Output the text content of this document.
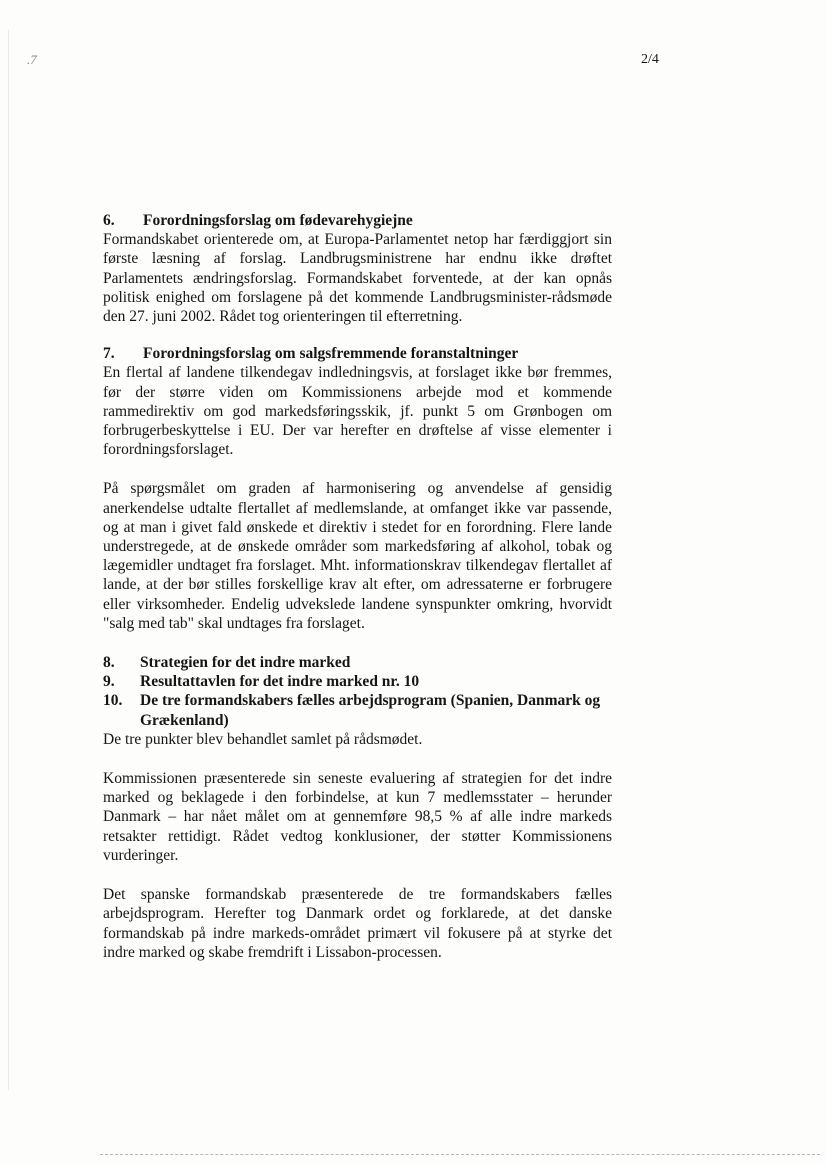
.7	2/4
6.	Forordningsforslag om fødevarehygiejne

Formandskabet orienterede om, at Europa-Parlamentet netop har færdiggjort sin første læsning af forslag. Landbrugsministrene har endnu ikke drøftet Parlamentets ændringsforslag. Formandskabet forventede, at der kan opnås politisk enighed om forslagene på det kommende Landbrugsminister-rådsmøde den 27. juni 2002. Rådet tog orienteringen til efterretning.

7.	Forordningsforslag om salgsfremmende foranstaltninger

En flertal af landene tilkendegav indledningsvis, at forslaget ikke bør fremmes, før der større viden om Kommissionens arbejde mod et kommende rammedirektiv om god markedsføringsskik, jf. punkt 5 om Grønbogen om forbrugerbeskyttelse i EU. Der var herefter en drøftelse af visse elementer i forordningsforslaget.

På spørgsmålet om graden af harmonisering og anvendelse af gensidig anerkendelse udtalte flertallet af medlemslande, at omfanget ikke var passende, og at man i givet fald ønskede et direktiv i stedet for en forordning. Flere lande understregede, at de ønskede områder som markedsføring af alkohol, tobak og lægemidler undtaget fra forslaget. Mht. informationskrav tilkendegav flertallet af lande, at der bør stilles forskellige krav alt efter, om adressaterne er forbrugere eller virksomheder. Endelig udvekslede landene synspunkter omkring, hvorvidt "salg med tab" skal undtages fra forslaget.

8.	Strategien for det indre marked
9.	Resultattavlen for det indre marked nr. 10
10.	De tre formandskabers fælles arbejdsprogram (Spanien, Danmark og Grækenland)

De tre punkter blev behandlet samlet på rådsmødet.

Kommissionen præsenterede sin seneste evaluering af strategien for det indre marked og beklagede i den forbindelse, at kun 7 medlemsstater – herunder Danmark – har nået målet om at gennemføre 98,5 % af alle indre markeds retsakter rettidigt. Rådet vedtog konklusioner, der støtter Kommissionens vurderinger.

Det spanske formandskab præsenterede de tre formandskabers fælles arbejdsprogram. Herefter tog Danmark ordet og forklarede, at det danske formandskab på indre markeds-området primært vil fokusere på at styrke det indre marked og skabe fremdrift i Lissabon-processen.
